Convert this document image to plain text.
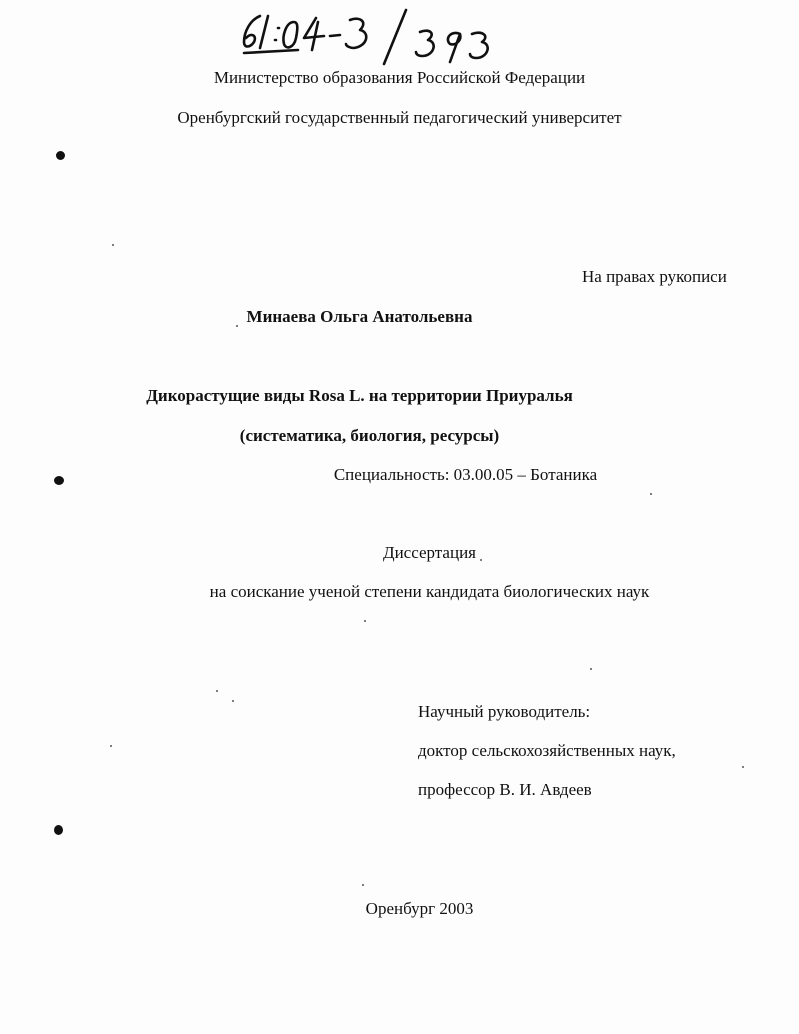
Министерство образования Российской Федерации
Оренбургский государственный педагогический университет
На правах рукописи
Минаева Ольга Анатольевна
Дикорастущие виды Rosa L. на территории Приуралья
(систематика, биология, ресурсы)
Специальность: 03.00.05 – Ботаника
Диссертация
на соискание ученой степени кандидата биологических наук
Научный руководитель:
доктор сельскохозяйственных наук,
профессор В. И. Авдеев
Оренбург 2003
